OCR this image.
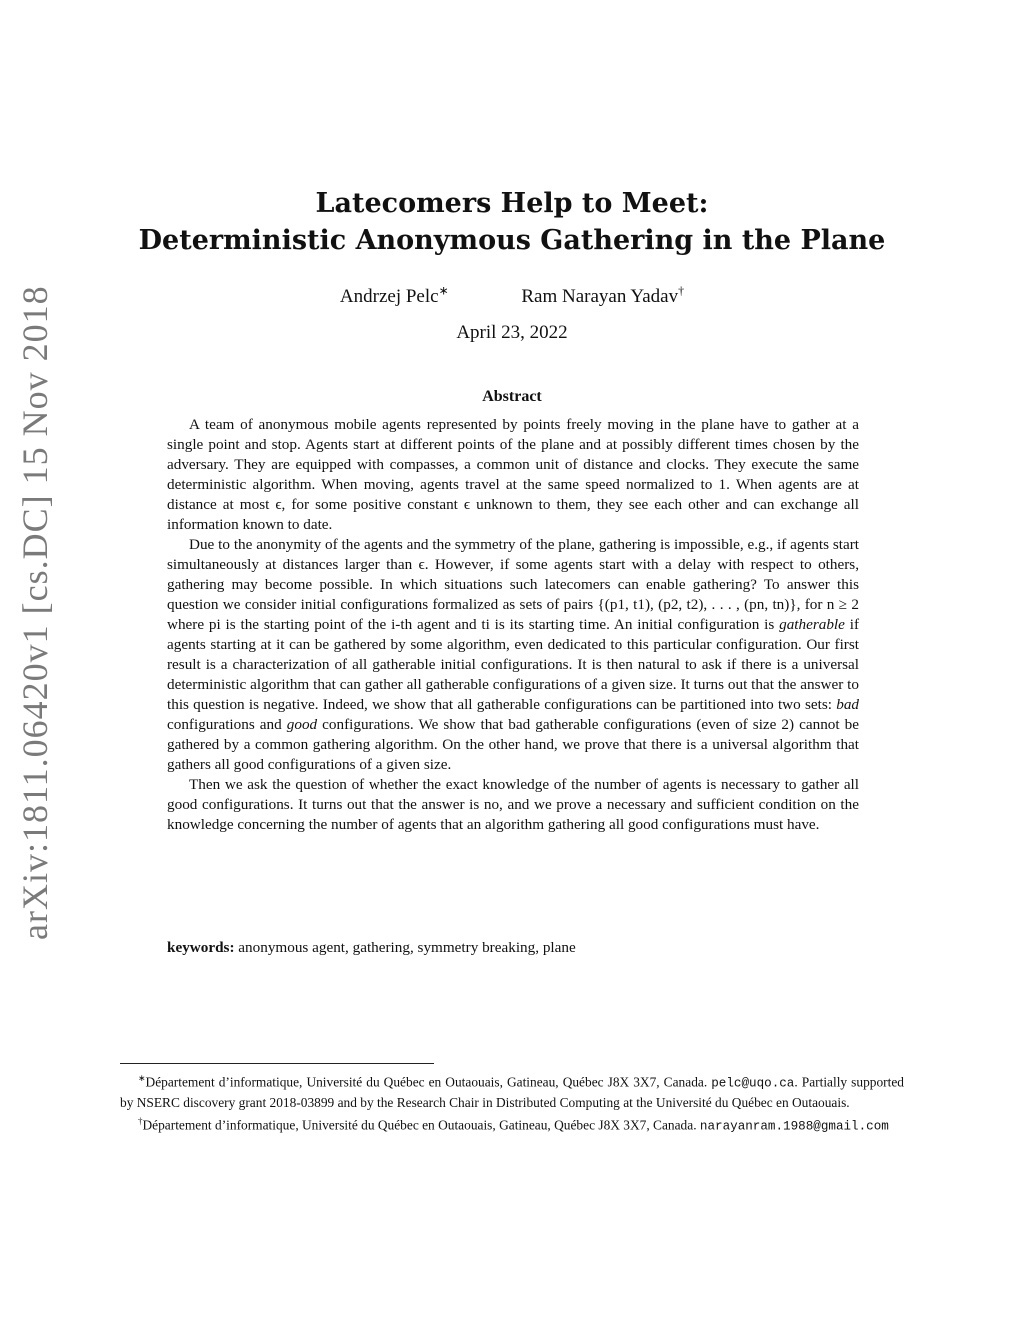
arXiv:1811.06420v1 [cs.DC] 15 Nov 2018
Latecomers Help to Meet:
Deterministic Anonymous Gathering in the Plane
Andrzej Pelc∗	Ram Narayan Yadav†
April 23, 2022
Abstract

A team of anonymous mobile agents represented by points freely moving in the plane have to gather at a single point and stop. Agents start at different points of the plane and at possibly different times chosen by the adversary. They are equipped with compasses, a common unit of distance and clocks. They execute the same deterministic algorithm. When moving, agents travel at the same speed normalized to 1. When agents are at distance at most ϵ, for some positive constant ϵ unknown to them, they see each other and can exchange all information known to date.

Due to the anonymity of the agents and the symmetry of the plane, gathering is impossible, e.g., if agents start simultaneously at distances larger than ϵ. However, if some agents start with a delay with respect to others, gathering may become possible. In which situations such latecomers can enable gathering? To answer this question we consider initial configurations formalized as sets of pairs {(p1, t1), (p2, t2), . . . , (pn, tn)}, for n ≥ 2 where pi is the starting point of the i-th agent and ti is its starting time. An initial configuration is gatherable if agents starting at it can be gathered by some algorithm, even dedicated to this particular configuration. Our first result is a characterization of all gatherable initial configurations. It is then natural to ask if there is a universal deterministic algorithm that can gather all gatherable configurations of a given size. It turns out that the answer to this question is negative. Indeed, we show that all gatherable configurations can be partitioned into two sets: bad configurations and good configurations. We show that bad gatherable configurations (even of size 2) cannot be gathered by a common gathering algorithm. On the other hand, we prove that there is a universal algorithm that gathers all good configurations of a given size.

Then we ask the question of whether the exact knowledge of the number of agents is necessary to gather all good configurations. It turns out that the answer is no, and we prove a necessary and sufficient condition on the knowledge concerning the number of agents that an algorithm gathering all good configurations must have.

keywords: anonymous agent, gathering, symmetry breaking, plane

∗Département d’informatique, Université du Québec en Outaouais, Gatineau, Québec J8X 3X7, Canada. pelc@uqo.ca. Partially supported by NSERC discovery grant 2018-03899 and by the Research Chair in Distributed Computing at the Université du Québec en Outaouais.

†Département d’informatique, Université du Québec en Outaouais, Gatineau, Québec J8X 3X7, Canada. narayanram.1988@gmail.com
